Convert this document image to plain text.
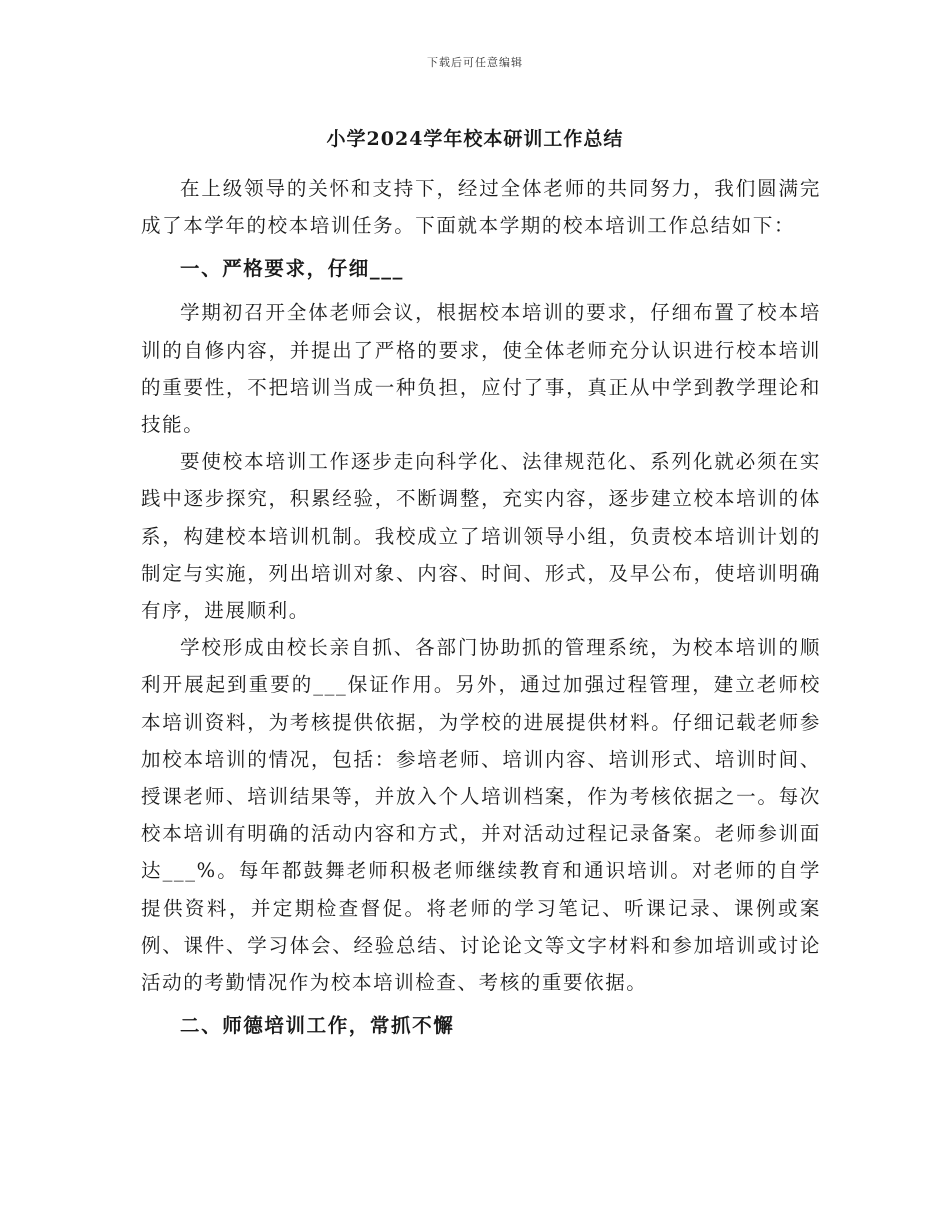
下载后可任意编辑
小学2024学年校本研训工作总结

在上级领导的关怀和支持下，经过全体老师的共同努力，我们圆满完成了本学年的校本培训任务。下面就本学期的校本培训工作总结如下：

一、严格要求，仔细___

学期初召开全体老师会议，根据校本培训的要求，仔细布置了校本培训的自修内容，并提出了严格的要求，使全体老师充分认识进行校本培训的重要性，不把培训当成一种负担，应付了事，真正从中学到教学理论和技能。

要使校本培训工作逐步走向科学化、法律规范化、系列化就必须在实践中逐步探究，积累经验，不断调整，充实内容，逐步建立校本培训的体系，构建校本培训机制。我校成立了培训领导小组，负责校本培训计划的制定与实施，列出培训对象、内容、时间、形式，及早公布，使培训明确有序，进展顺利。

学校形成由校长亲自抓、各部门协助抓的管理系统，为校本培训的顺利开展起到重要的___保证作用。另外，通过加强过程管理，建立老师校本培训资料，为考核提供依据，为学校的进展提供材料。仔细记载老师参加校本培训的情况，包括：参培老师、培训内容、培训形式、培训时间、授课老师、培训结果等，并放入个人培训档案，作为考核依据之一。每次校本培训有明确的活动内容和方式，并对活动过程记录备案。老师参训面达___%。每年都鼓舞老师积极老师继续教育和通识培训。对老师的自学提供资料，并定期检查督促。将老师的学习笔记、听课记录、课例或案例、课件、学习体会、经验总结、讨论论文等文字材料和参加培训或讨论活动的考勤情况作为校本培训检查、考核的重要依据。

二、师德培训工作，常抓不懈
